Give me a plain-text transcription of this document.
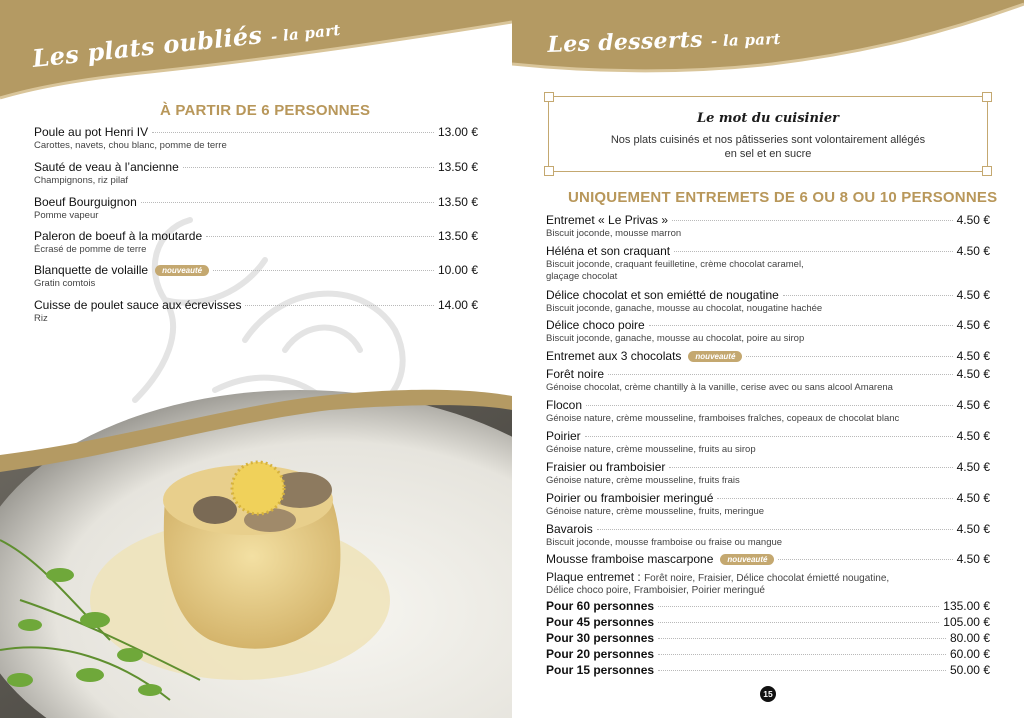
Les plats oubliés - la part
À PARTIR DE 6 PERSONNES
Poule au pot Henri IV	13.00 €
Carottes, navets, chou blanc, pomme de terre
Sauté de veau à l’ancienne	13.50 €
Champignons, riz pilaf
Boeuf Bourguignon	13.50 €
Pomme vapeur
Paleron de boeuf à la moutarde	13.50 €
Écrasé de pomme de terre
Blanquette de volaille nouveauté	10.00 €
Gratin comtois
Cuisse de poulet sauce aux écrevisses	14.00 €
Riz
Les desserts - la part
Le mot du cuisinier
Nos plats cuisinés et nos pâtisseries sont volontairement allégés
en sel et en sucre
UNIQUEMENT ENTREMETS DE 6 OU 8 OU 10 PERSONNES
Entremet « Le Privas »	4.50 €
Biscuit joconde, mousse marron
Héléna et son craquant	4.50 €
Biscuit joconde, craquant feuilletine, crème chocolat caramel,
glaçage chocolat
Délice chocolat et son emiétté de nougatine	4.50 €
Biscuit joconde, ganache, mousse au chocolat, nougatine hachée
Délice choco poire	4.50 €
Biscuit joconde, ganache, mousse au chocolat, poire au sirop
Entremet aux 3 chocolats nouveauté	4.50 €
Forêt noire	4.50 €
Génoise chocolat, crème chantilly à la vanille, cerise avec ou sans alcool Amarena
Flocon	4.50 €
Génoise nature, crème mousseline, framboises fraîches, copeaux de chocolat blanc
Poirier	4.50 €
Génoise nature, crème mousseline, fruits au sirop
Fraisier ou framboisier	4.50 €
Génoise nature, crème mousseline, fruits frais
Poirier ou framboisier meringué	4.50 €
Génoise nature, crème mousseline, fruits, meringue
Bavarois	4.50 €
Biscuit joconde, mousse framboise ou fraise ou mangue
Mousse framboise mascarpone nouveauté	4.50 €
Plaque entremet : Forêt noire, Fraisier, Délice chocolat émietté nougatine,
Délice choco poire, Framboisier, Poirier meringué
Pour 60 personnes	135.00 €
Pour 45 personnes	105.00 €
Pour 30 personnes	80.00 €
Pour 20 personnes	60.00 €
Pour 15 personnes	50.00 €
15
